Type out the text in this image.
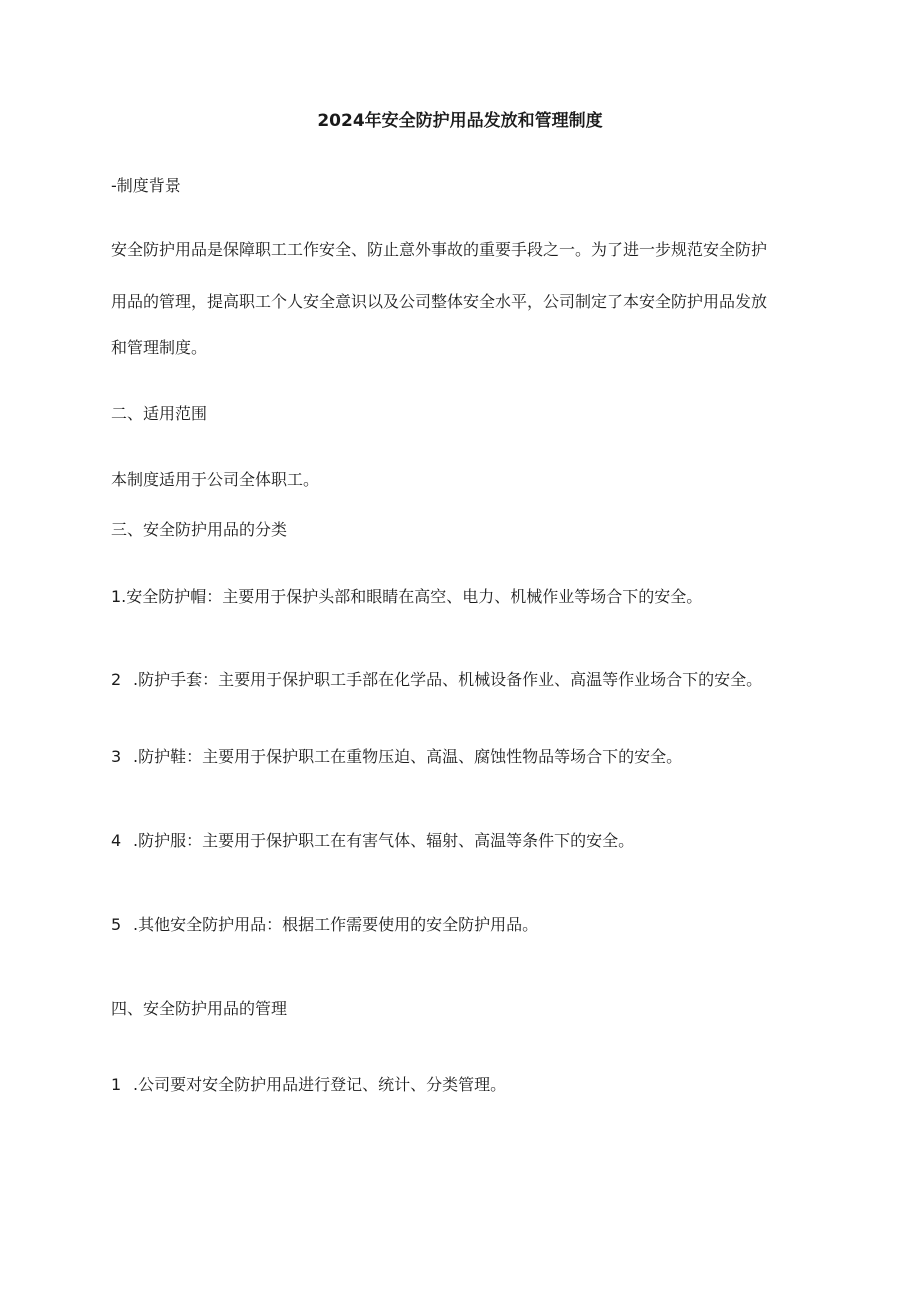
2024年安全防护用品发放和管理制度
-制度背景
安全防护用品是保障职工工作安全、防止意外事故的重要手段之一。为了进一步规范安全防护
用品的管理，提高职工个人安全意识以及公司整体安全水平，公司制定了本安全防护用品发放
和管理制度。
二、适用范围
本制度适用于公司全体职工。
三、安全防护用品的分类
1.安全防护帽：主要用于保护头部和眼睛在高空、电力、机械作业等场合下的安全。
2 .防护手套：主要用于保护职工手部在化学品、机械设备作业、高温等作业场合下的安全。
3 .防护鞋：主要用于保护职工在重物压迫、高温、腐蚀性物品等场合下的安全。
4 .防护服：主要用于保护职工在有害气体、辐射、高温等条件下的安全。
5 .其他安全防护用品：根据工作需要使用的安全防护用品。
四、安全防护用品的管理
1 .公司要对安全防护用品进行登记、统计、分类管理。
